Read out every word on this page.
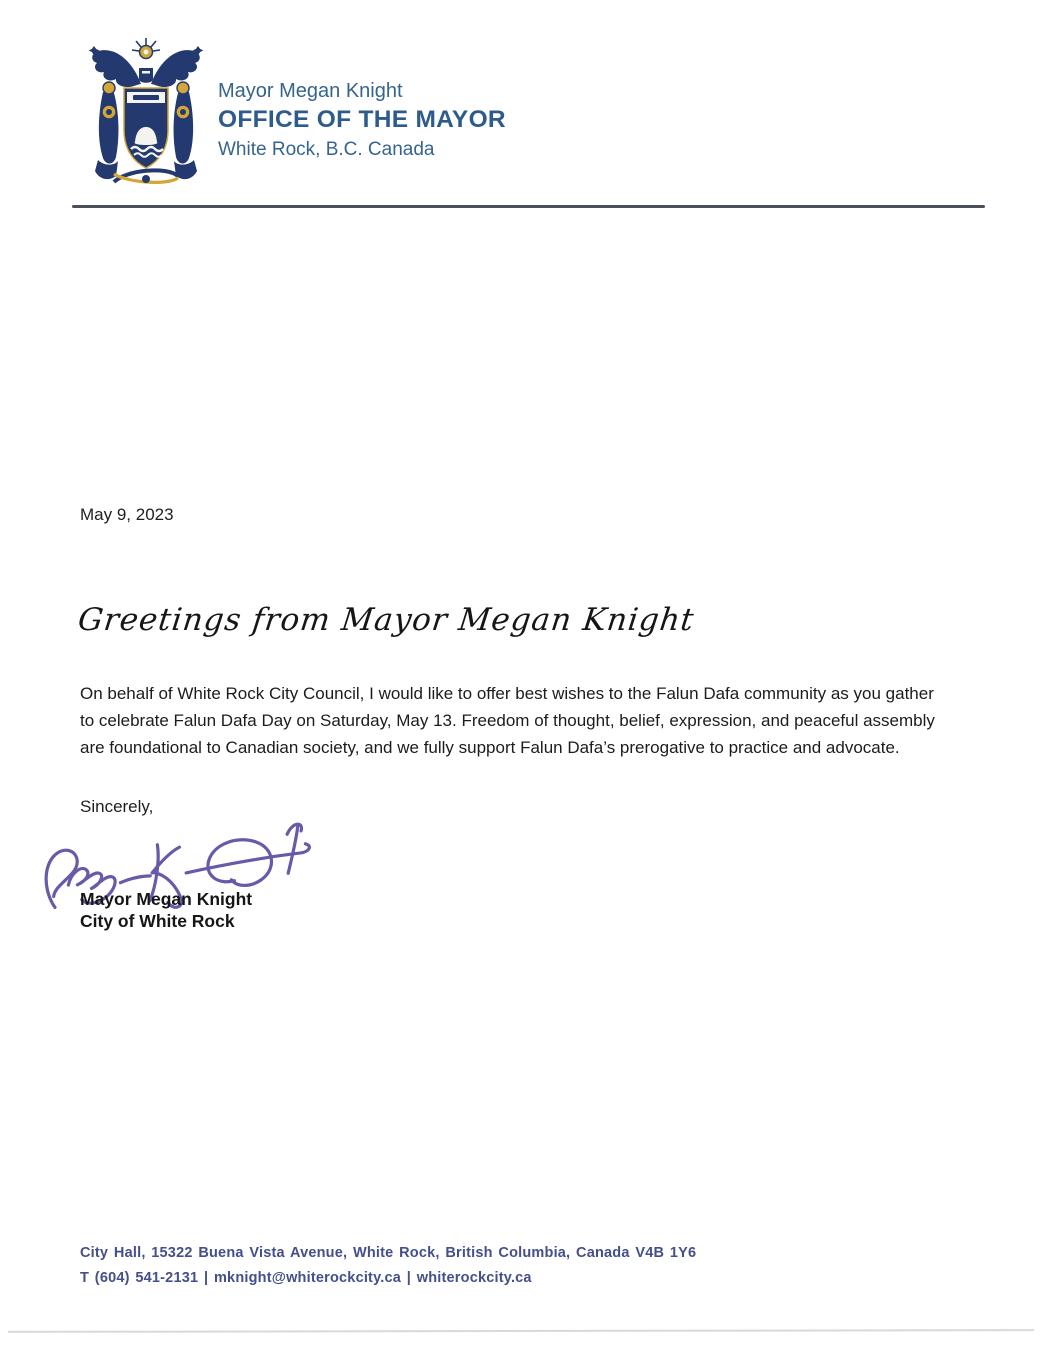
Mayor Megan Knight
OFFICE OF THE MAYOR
White Rock, B.C. Canada
May 9, 2023
Greetings from Mayor Megan Knight

On behalf of White Rock City Council, I would like to offer best wishes to the Falun Dafa community as you gather to celebrate Falun Dafa Day on Saturday, May 13. Freedom of thought, belief, expression, and peaceful assembly are foundational to Canadian society, and we fully support Falun Dafa’s prerogative to practice and advocate.

Sincerely,
Mayor Megan Knight
City of White Rock
City Hall, 15322 Buena Vista Avenue, White Rock, British Columbia, Canada V4B 1Y6
T (604) 541-2131 | mknight@whiterockcity.ca | whiterockcity.ca
